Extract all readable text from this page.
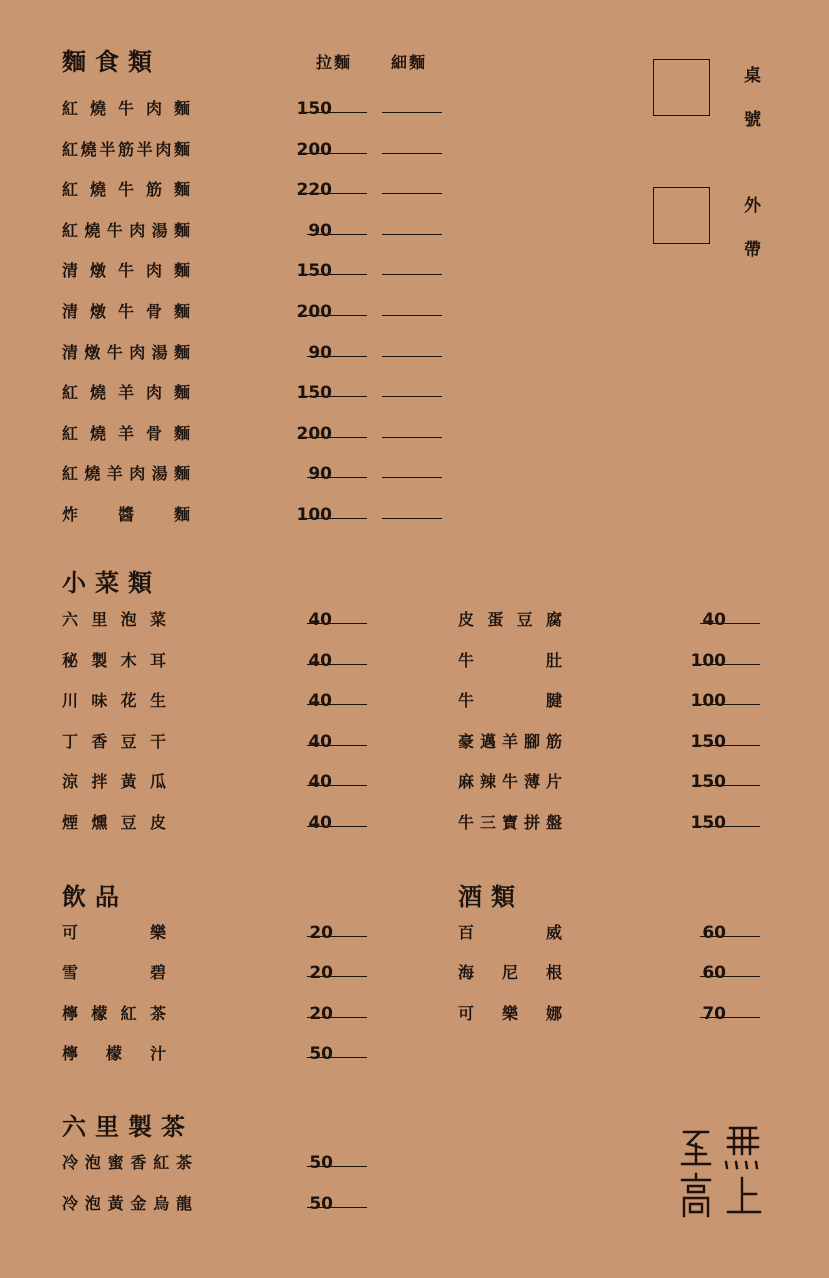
麵食類	拉麵 細麵
紅燒牛肉麵	150
紅燒半筋半肉麵	200
紅燒牛筋麵	220
紅燒牛肉湯麵	90
清燉牛肉麵	150
清燉牛骨麵	200
清燉牛肉湯麵	90
紅燒羊肉麵	150
紅燒羊骨麵	200
紅燒羊肉湯麵	90
炸醬麵	100
桌號
外帶
小菜類
六里泡菜	40
秘製木耳	40
川味花生	40
丁香豆干	40
涼拌黃瓜	40
煙燻豆皮	40
皮蛋豆腐	40
牛肚	100
牛腱	100
豪邁羊腳筋	150
麻辣牛薄片	150
牛三寶拼盤	150
飲品
可樂	20
雪碧	20
檸檬紅茶	20
檸檬汁	50
酒類
百威	60
海尼根	60
可樂娜	70
六里製茶
冷泡蜜香紅茶	50
冷泡黃金烏龍	50
